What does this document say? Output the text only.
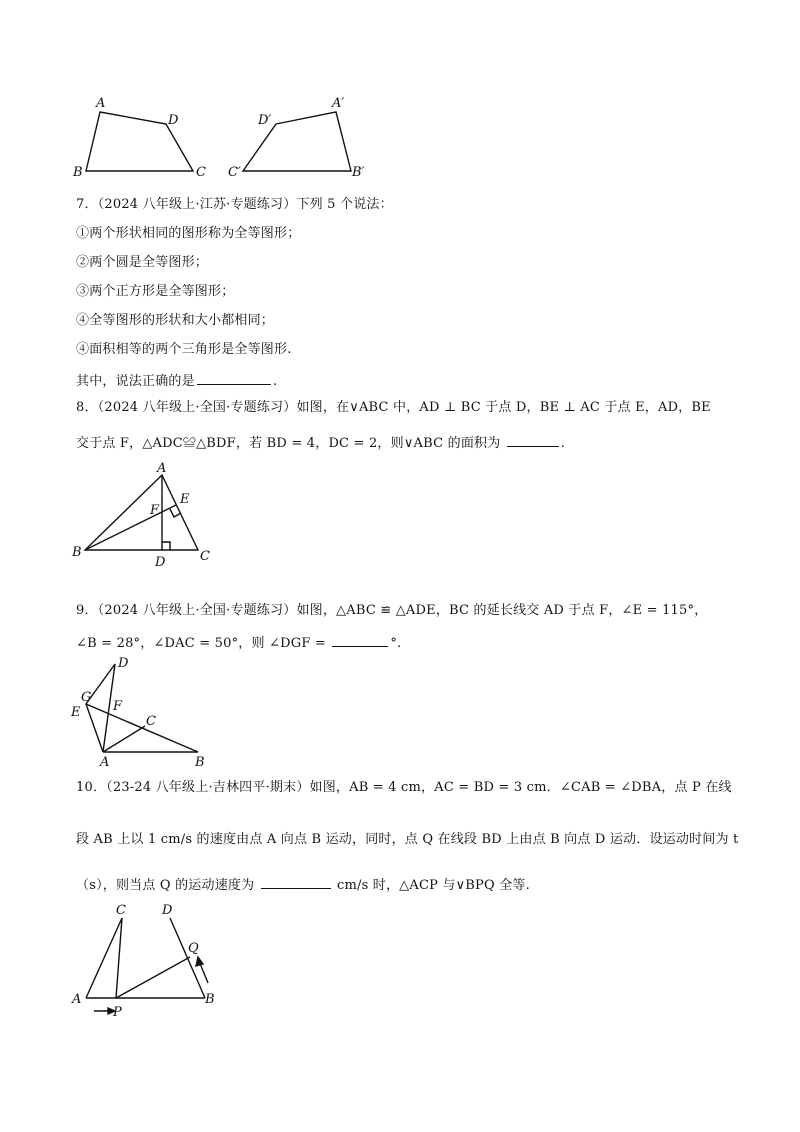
A
D
B	C
D′
A′
C′	B′
7．（2024 八年级上·江苏·专题练习）下列 5 个说法：
①两个形状相同的图形称为全等图形；
②两个圆是全等图形；
③两个正方形是全等图形；
④全等图形的形状和大小都相同；
④面积相等的两个三角形是全等图形.
其中，说法正确的是	.
8．（2024 八年级上·全国·专题练习）如图，在∨ABC 中，AD ⊥ BC 于点 D，BE ⊥ AC 于点 E，AD，BE
交于点 F，△ADC≌△BDF，若 BD = 4，DC = 2，则∨ABC 的面积为	.
A
E
F
B
D	C
9．（2024 八年级上·全国·专题练习）如图，△ABC ≌ △ADE，BC 的延长线交 AD 于点 F，∠E = 115°，
∠B = 28°，∠DAC = 50°，则 ∠DGF =	°.
D
G
E	F
C
A	B
10．（23-24 八年级上·吉林四平·期末）如图，AB = 4 cm，AC = BD = 3 cm．∠CAB = ∠DBA，点 P 在线
段 AB 上以 1 cm/s 的速度由点 A 向点 B 运动，同时，点 Q 在线段 BD 上由点 B 向点 D 运动．设运动时间为 t
（s），则当点 Q 的运动速度为	cm/s 时，△ACP 与∨BPQ 全等.
C	D
Q
A
P
B
